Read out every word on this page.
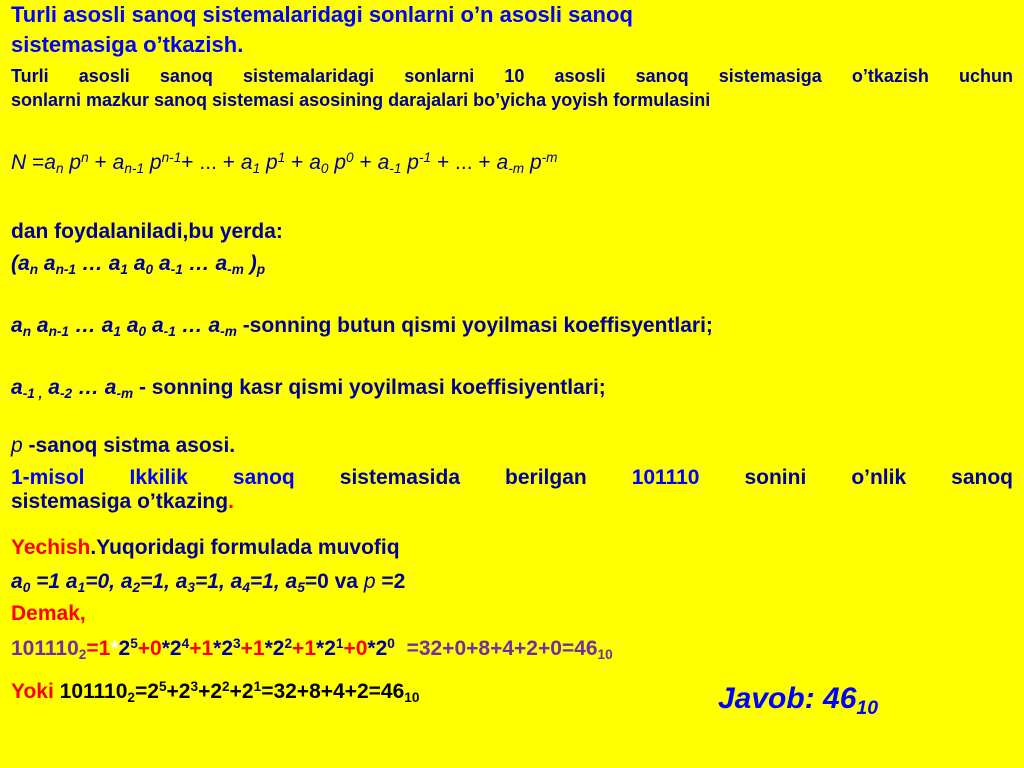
Turli asosli sanoq sistemalaridagi sonlarni o’n asosli sanoq
sistemasiga o’tkazish.
Turli asosli sanoq sistemalaridagi sonlarni 10 asosli sanoq sistemasiga o’tkazish uchun
sonlarni mazkur sanoq sistemasi asosining darajalari bo’yicha yoyish formulasini
$N =a_n$ $p^n + a_{n-1}$ $p^{n-1}+$ ... + $a_1$ $p^1 + a_0$ $p^0 + a_{-1}$ $p^{-1}$ + ... + $a_{-m}$ $p^{-m}$
dan foydalaniladi,bu yerda:
($a_n$ $a_{n-1}$ … $a_1$ $a_0$ $a_{-1}$ … $a_{-m}$ )$_p$
$a_n$ $a_{n-1}$ … $a_1$ $a_0$ $a_{-1}$ … $a_{-m}$ -sonning butun qismi yoyilmasi koeffisyentlari;
$a_{-1 ,}$ $a_{-2}$ … $a_{-m}$ - sonning kasr qismi yoyilmasi koeffisiyentlari;
p -sanoq sistma asosi.
1-misol Ikkilik sanoq sistemasida berilgan 101110 sonini o’nlik sanoq
sistemasiga o’tkazing.
Yechish.Yuqoridagi formulada muvofiq
$a_0 =1$ $a_1=0$, $a_2=1$, $a_3=1$, $a_4=1$, $a_5=0$ va p =2
Demak,
$101110_2=1*2^5+0*2^4+1*2^3+1*2^2+1*2^1+0*2^0 =32+0+8+4+2+0=46_{10}$
Yoki $101110_2=2^5+2^3+2^2+2^1=32+8+4+2=46_{10}$	Javob: $46_{10}$
